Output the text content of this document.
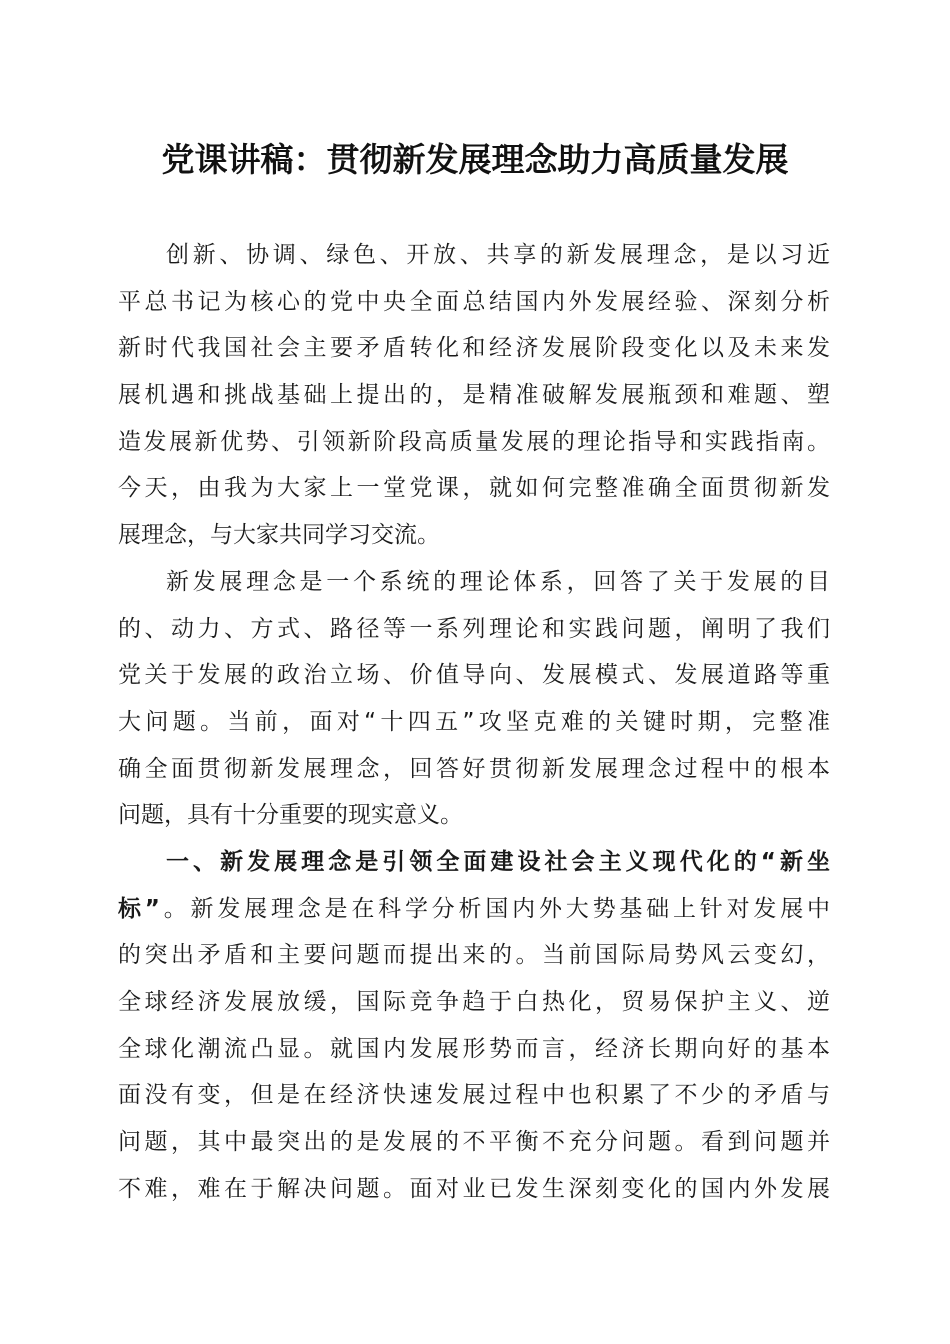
党课讲稿：贯彻新发展理念助力高质量发展
创新、协调、绿色、开放、共享的新发展理念，是以习近
平总书记为核心的党中央全面总结国内外发展经验、深刻分析
新时代我国社会主要矛盾转化和经济发展阶段变化以及未来发
展机遇和挑战基础上提出的，是精准破解发展瓶颈和难题、塑
造发展新优势、引领新阶段高质量发展的理论指导和实践指南。
今天，由我为大家上一堂党课，就如何完整准确全面贯彻新发
展理念，与大家共同学习交流。
新发展理念是一个系统的理论体系，回答了关于发展的目
的、动力、方式、路径等一系列理论和实践问题，阐明了我们
党关于发展的政治立场、价值导向、发展模式、发展道路等重
大问题。当前，面对“十四五”攻坚克难的关键时期，完整准
确全面贯彻新发展理念，回答好贯彻新发展理念过程中的根本
问题，具有十分重要的现实意义。
一、新发展理念是引领全面建设社会主义现代化的“新坐
标”。新发展理念是在科学分析国内外大势基础上针对发展中
的突出矛盾和主要问题而提出来的。当前国际局势风云变幻，
全球经济发展放缓，国际竞争趋于白热化，贸易保护主义、逆
全球化潮流凸显。就国内发展形势而言，经济长期向好的基本
面没有变，但是在经济快速发展过程中也积累了不少的矛盾与
问题，其中最突出的是发展的不平衡不充分问题。看到问题并
不难，难在于解决问题。面对业已发生深刻变化的国内外发展
